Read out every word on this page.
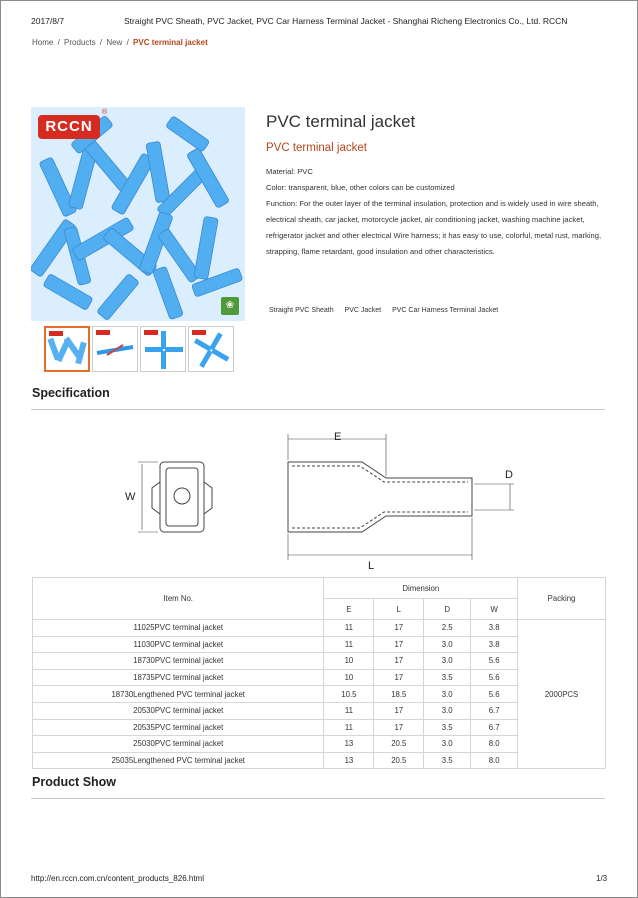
2017/8/7	Straight PVC Sheath, PVC Jacket, PVC Car Harness Terminal Jacket - Shanghai Richeng Electronics Co., Ltd. RCCN
Home / Products / New / PVC terminal jacket
RCCN
®
❀
PVC terminal jacket
PVC terminal jacket

Material: PVC

Color: transparent, blue, other colors can be customized

Function: For the outer layer of the terminal insulation, protection and is widely used in wire sheath, electrical sheath, car jacket, motorcycle jacket, air conditioning jacket, washing machine jacket, refrigerator jacket and other electrical Wire harness; it has easy to use, colorful, metal rust, marking, strapping, flame retardant, good insulation and other characteristics.

Straight PVC Sheath PVC Jacket PVC Car Harness Terminal Jacket
Specification
W
E
L
D
Item No.	Dimension				Packing
	E	L	D	W	
11025PVC terminal jacket	11	17	2.5	3.8	2000PCS
11030PVC terminal jacket	11	17	3.0	3.8	
18730PVC terminal jacket	10	17	3.0	5.6	
18735PVC terminal jacket	10	17	3.5	5.6	
18730Lengthened PVC terminal jacket	10.5	18.5	3.0	5.6	
20530PVC terminal jacket	11	17	3.0	6.7	
20535PVC terminal jacket	11	17	3.5	6.7	
25030PVC terminal jacket	13	20.5	3.0	8.0	
25035Lengthened PVC terminal jacket	13	20.5	3.5	8.0	
Product Show
http://en.rccn.com.cn/content_products_826.html	1/3
